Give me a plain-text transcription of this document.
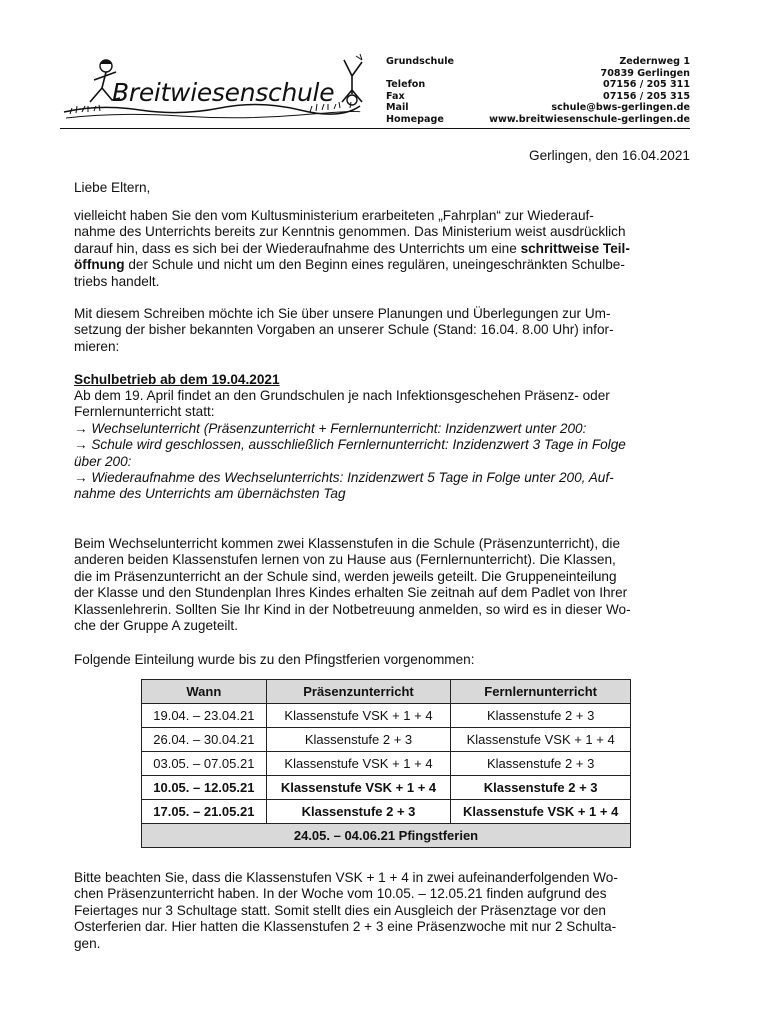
Breitwiesenschule
Grundschule	Zedernweg 1
70839 Gerlingen
Telefon	07156 / 205 311
Fax	07156 / 205 315
Mail	schule@bws-gerlingen.de
Homepage	www.breitwiesenschule-gerlingen.de
Gerlingen, den 16.04.2021
Liebe Eltern,
vielleicht haben Sie den vom Kultusministerium erarbeiteten „Fahrplan“ zur Wiederauf-
nahme des Unterrichts bereits zur Kenntnis genommen. Das Ministerium weist ausdrücklich
darauf hin, dass es sich bei der Wiederaufnahme des Unterrichts um eine schrittweise Teil-
öffnung der Schule und nicht um den Beginn eines regulären, uneingeschränkten Schulbe-
triebs handelt.
Mit diesem Schreiben möchte ich Sie über unsere Planungen und Überlegungen zur Um-
setzung der bisher bekannten Vorgaben an unserer Schule (Stand: 16.04. 8.00 Uhr) infor-
mieren:
Schulbetrieb ab dem 19.04.2021
Ab dem 19. April findet an den Grundschulen je nach Infektionsgeschehen Präsenz- oder
Fernlernunterricht statt:
→ Wechselunterricht (Präsenzunterricht + Fernlernunterricht: Inzidenzwert unter 200:
→ Schule wird geschlossen, ausschließlich Fernlernunterricht: Inzidenzwert 3 Tage in Folge
über 200:
→ Wiederaufnahme des Wechselunterrichts: Inzidenzwert 5 Tage in Folge unter 200, Auf-
nahme des Unterrichts am übernächsten Tag
Beim Wechselunterricht kommen zwei Klassenstufen in die Schule (Präsenzunterricht), die
anderen beiden Klassenstufen lernen von zu Hause aus (Fernlernunterricht). Die Klassen,
die im Präsenzunterricht an der Schule sind, werden jeweils geteilt. Die Gruppeneinteilung
der Klasse und den Stundenplan Ihres Kindes erhalten Sie zeitnah auf dem Padlet von Ihrer
Klassenlehrerin. Sollten Sie Ihr Kind in der Notbetreuung anmelden, so wird es in dieser Wo-
che der Gruppe A zugeteilt.
Folgende Einteilung wurde bis zu den Pfingstferien vorgenommen:
Wann	Präsenzunterricht	Fernlernunterricht
19.04. – 23.04.21	Klassenstufe VSK + 1 + 4	Klassenstufe 2 + 3
26.04. – 30.04.21	Klassenstufe 2 + 3	Klassenstufe VSK + 1 + 4
03.05. – 07.05.21	Klassenstufe VSK + 1 + 4	Klassenstufe 2 + 3
10.05. – 12.05.21	Klassenstufe VSK + 1 + 4	Klassenstufe 2 + 3
17.05. – 21.05.21	Klassenstufe 2 + 3	Klassenstufe VSK + 1 + 4
24.05. – 04.06.21 Pfingstferien		
Bitte beachten Sie, dass die Klassenstufen VSK + 1 + 4 in zwei aufeinanderfolgenden Wo-
chen Präsenzunterricht haben. In der Woche vom 10.05. – 12.05.21 finden aufgrund des
Feiertages nur 3 Schultage statt. Somit stellt dies ein Ausgleich der Präsenztage vor den
Osterferien dar. Hier hatten die Klassenstufen 2 + 3 eine Präsenzwoche mit nur 2 Schulta-
gen.
